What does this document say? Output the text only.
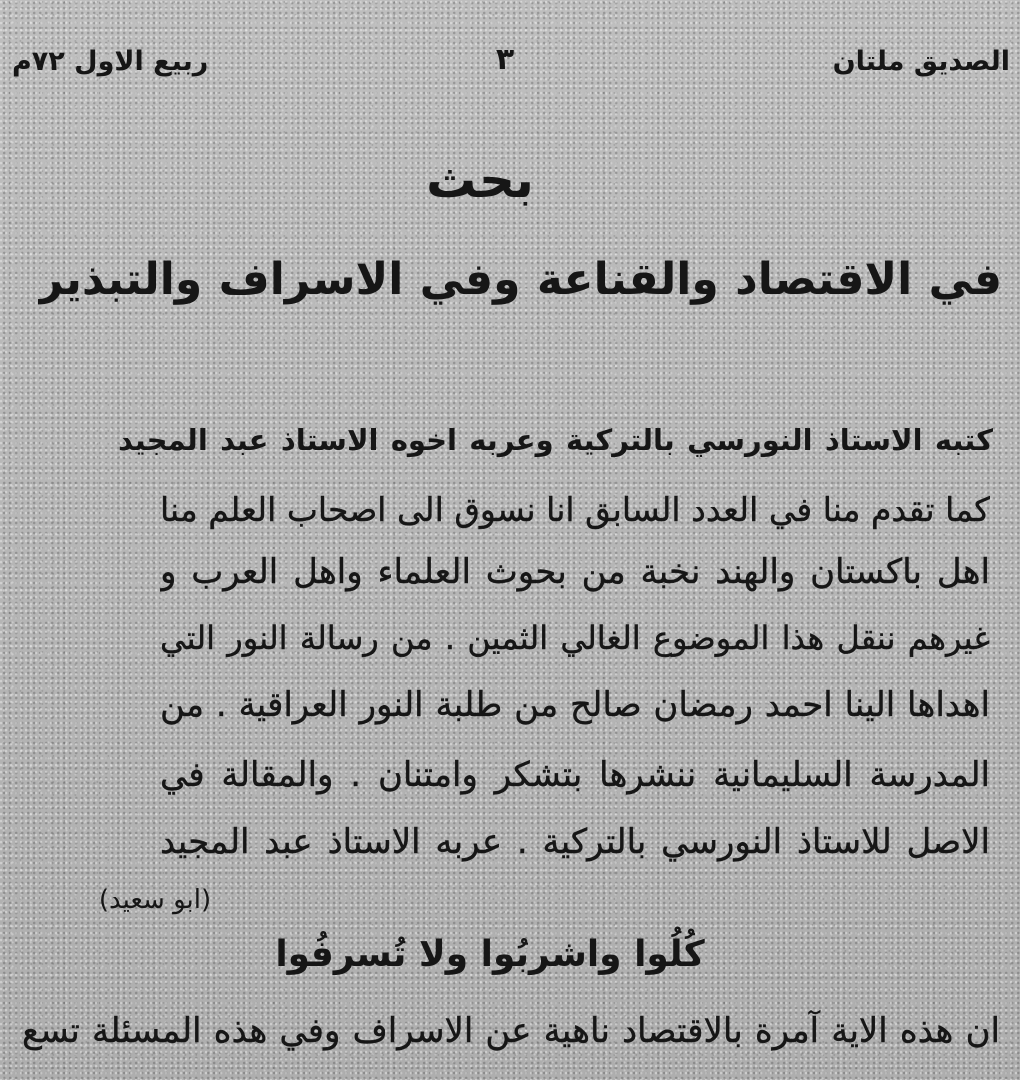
الصديق ملتان
٣
ربيع الاول ٧٢م
بحث
في الاقتصاد والقناعة وفي الاسراف والتبذير
كتبه الاستاذ النورسي بالتركية وعربه اخوه الاستاذ عبد المجيد
كما تقدم منا في العدد السابق انا نسوق الى اصحاب العلم منا
اهل باكستان والهند نخبة من بحوث العلماء واهل العرب و
غيرهم ننقل هذا الموضوع الغالي الثمين . من رسالة النور التي
اهداها الينا احمد رمضان صالح من طلبة النور العراقية . من
المدرسة السليمانية ننشرها بتشكر وامتنان . والمقالة في
الاصل للاستاذ النورسي بالتركية . عربه الاستاذ عبد المجيد
(ابو سعيد)
كُلُوا واشربُوا ولا تُسرفُوا
ان هذه الاية آمرة بالاقتصاد ناهية عن الاسراف وفي هذه المسئلة تسع
